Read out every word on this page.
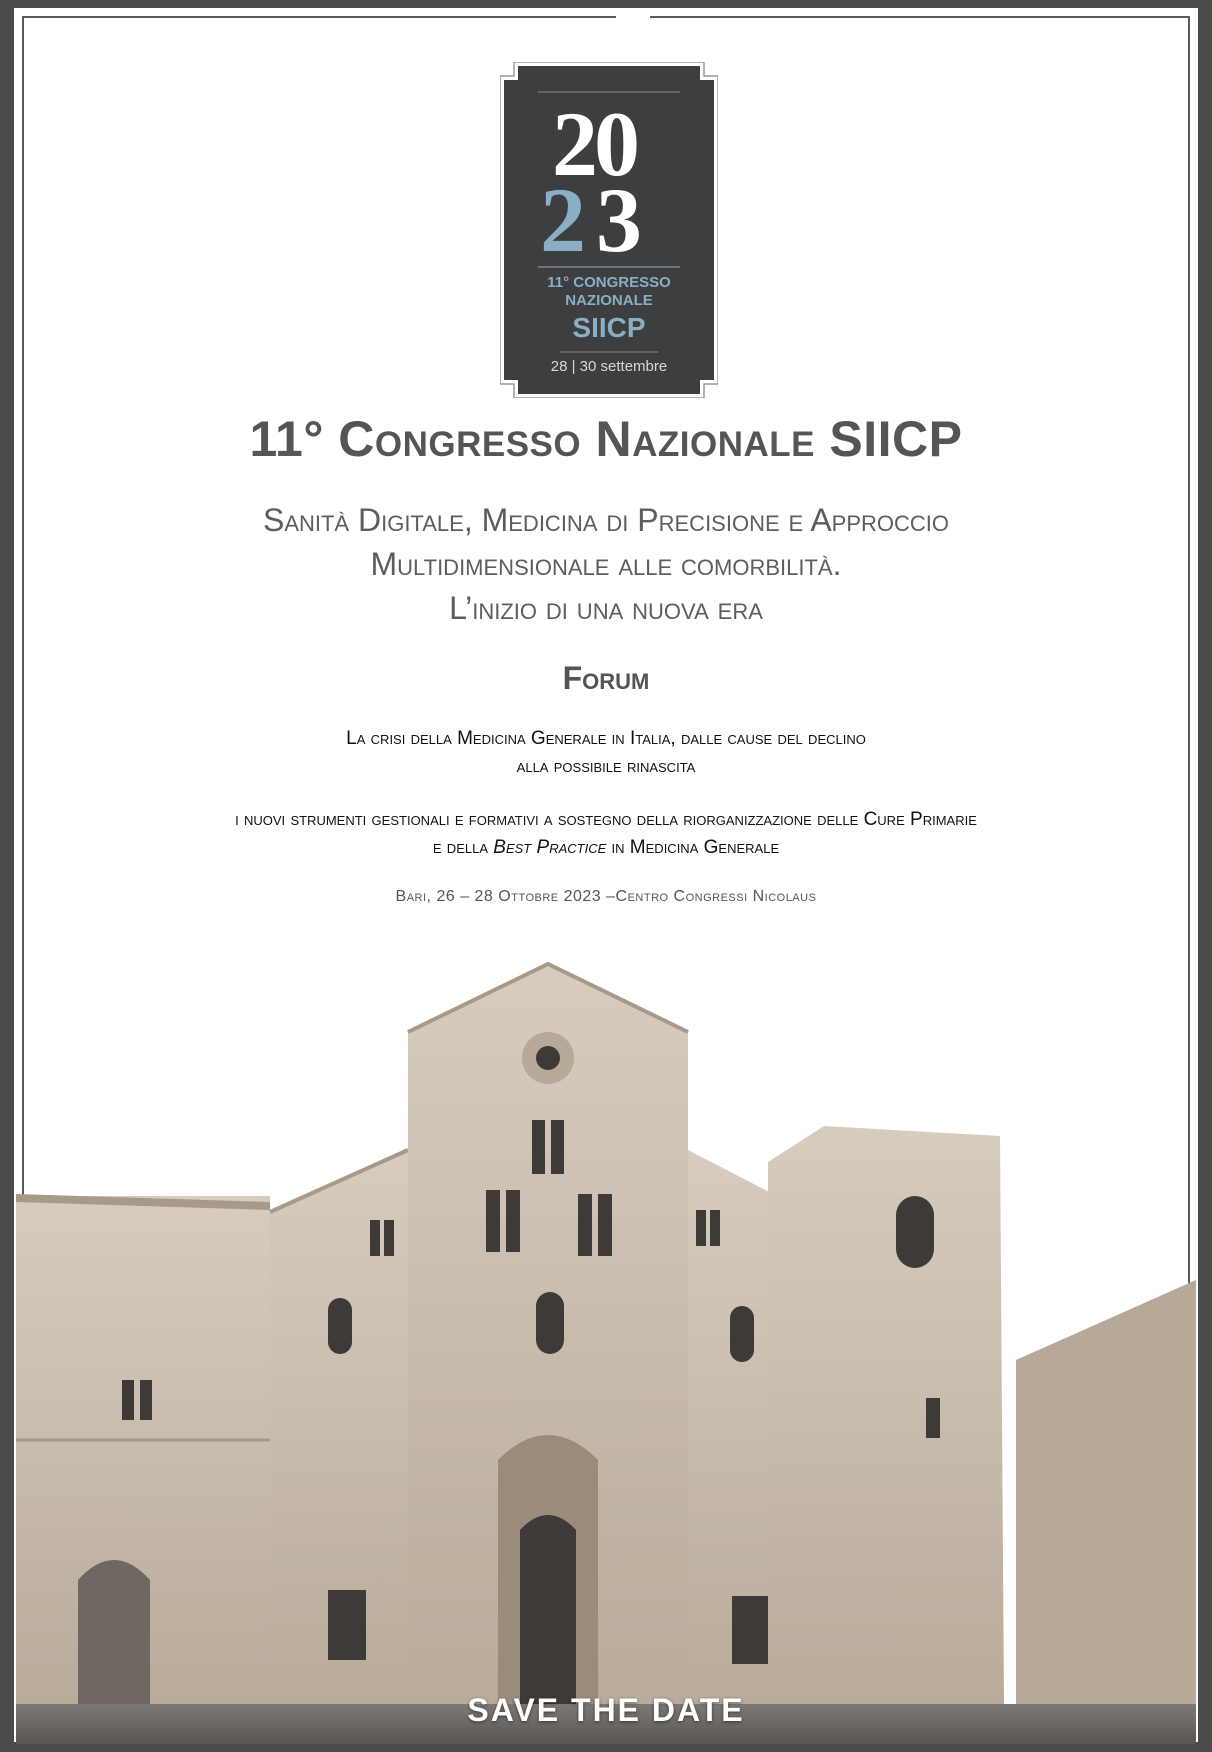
20
2 3
11° CONGRESSO
NAZIONALE
SIICP
28 | 30 settembre
11° Congresso Nazionale SIICP
Sanità Digitale, Medicina di Precisione e Approccio
Multidimensionale alle comorbilità.
L’inizio di una nuova era
Forum
La crisi della Medicina Generale in Italia, dalle cause del declino
alla possibile rinascita
i nuovi strumenti gestionali e formativi a sostegno della riorganizzazione delle Cure Primarie
e della Best Practice in Medicina Generale
Bari, 26 – 28 Ottobre 2023 –Centro Congressi Nicolaus
SAVE THE DATE
